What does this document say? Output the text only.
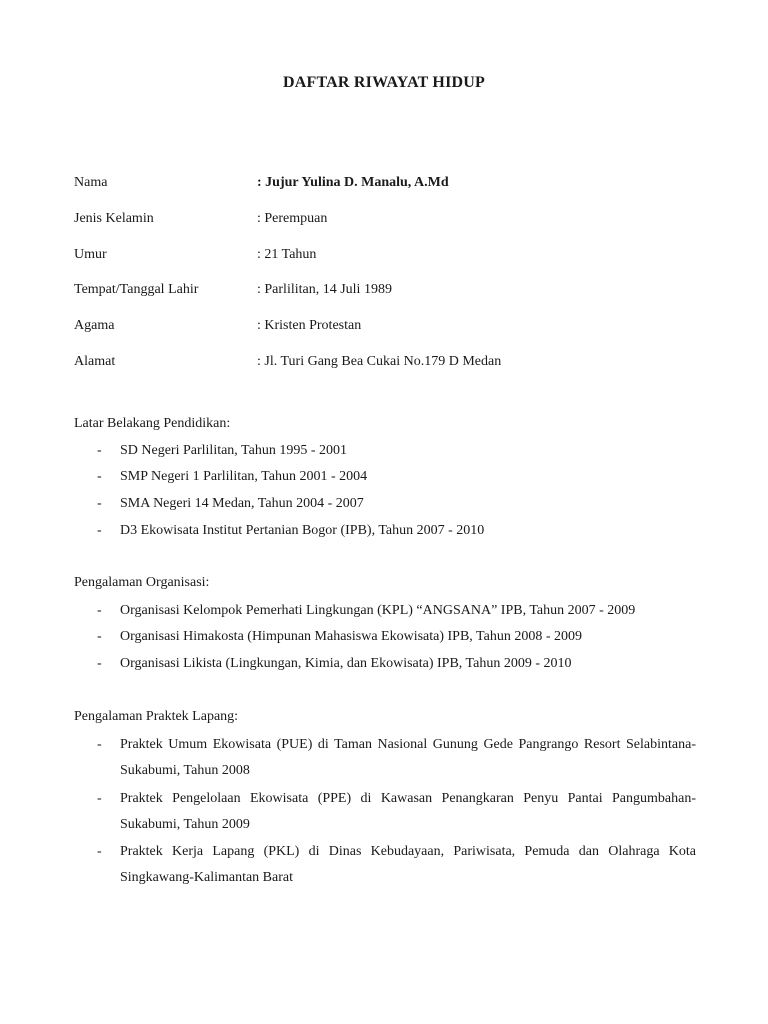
DAFTAR RIWAYAT HIDUP
Nama	: Jujur Yulina D. Manalu, A.Md
Jenis Kelamin	: Perempuan
Umur	: 21 Tahun
Tempat/Tanggal Lahir	: Parlilitan, 14 Juli 1989
Agama	: Kristen Protestan
Alamat	: Jl. Turi Gang Bea Cukai No.179 D Medan
Latar Belakang Pendidikan:
- SD Negeri Parlilitan, Tahun 1995 - 2001
- SMP Negeri 1 Parlilitan, Tahun 2001 - 2004
- SMA Negeri 14 Medan, Tahun 2004 - 2007
- D3 Ekowisata Institut Pertanian Bogor (IPB), Tahun 2007 - 2010
Pengalaman Organisasi:
- Organisasi Kelompok Pemerhati Lingkungan (KPL) “ANGSANA” IPB, Tahun 2007 - 2009
- Organisasi Himakosta (Himpunan Mahasiswa Ekowisata) IPB, Tahun 2008 - 2009
- Organisasi Likista (Lingkungan, Kimia, dan Ekowisata) IPB, Tahun 2009 - 2010
Pengalaman Praktek Lapang:
- Praktek Umum Ekowisata (PUE) di Taman Nasional Gunung Gede Pangrango Resort Selabintana-Sukabumi, Tahun 2008
- Praktek Pengelolaan Ekowisata (PPE) di Kawasan Penangkaran Penyu Pantai Pangumbahan-Sukabumi, Tahun 2009
- Praktek Kerja Lapang (PKL) di Dinas Kebudayaan, Pariwisata, Pemuda dan Olahraga Kota Singkawang-Kalimantan Barat
